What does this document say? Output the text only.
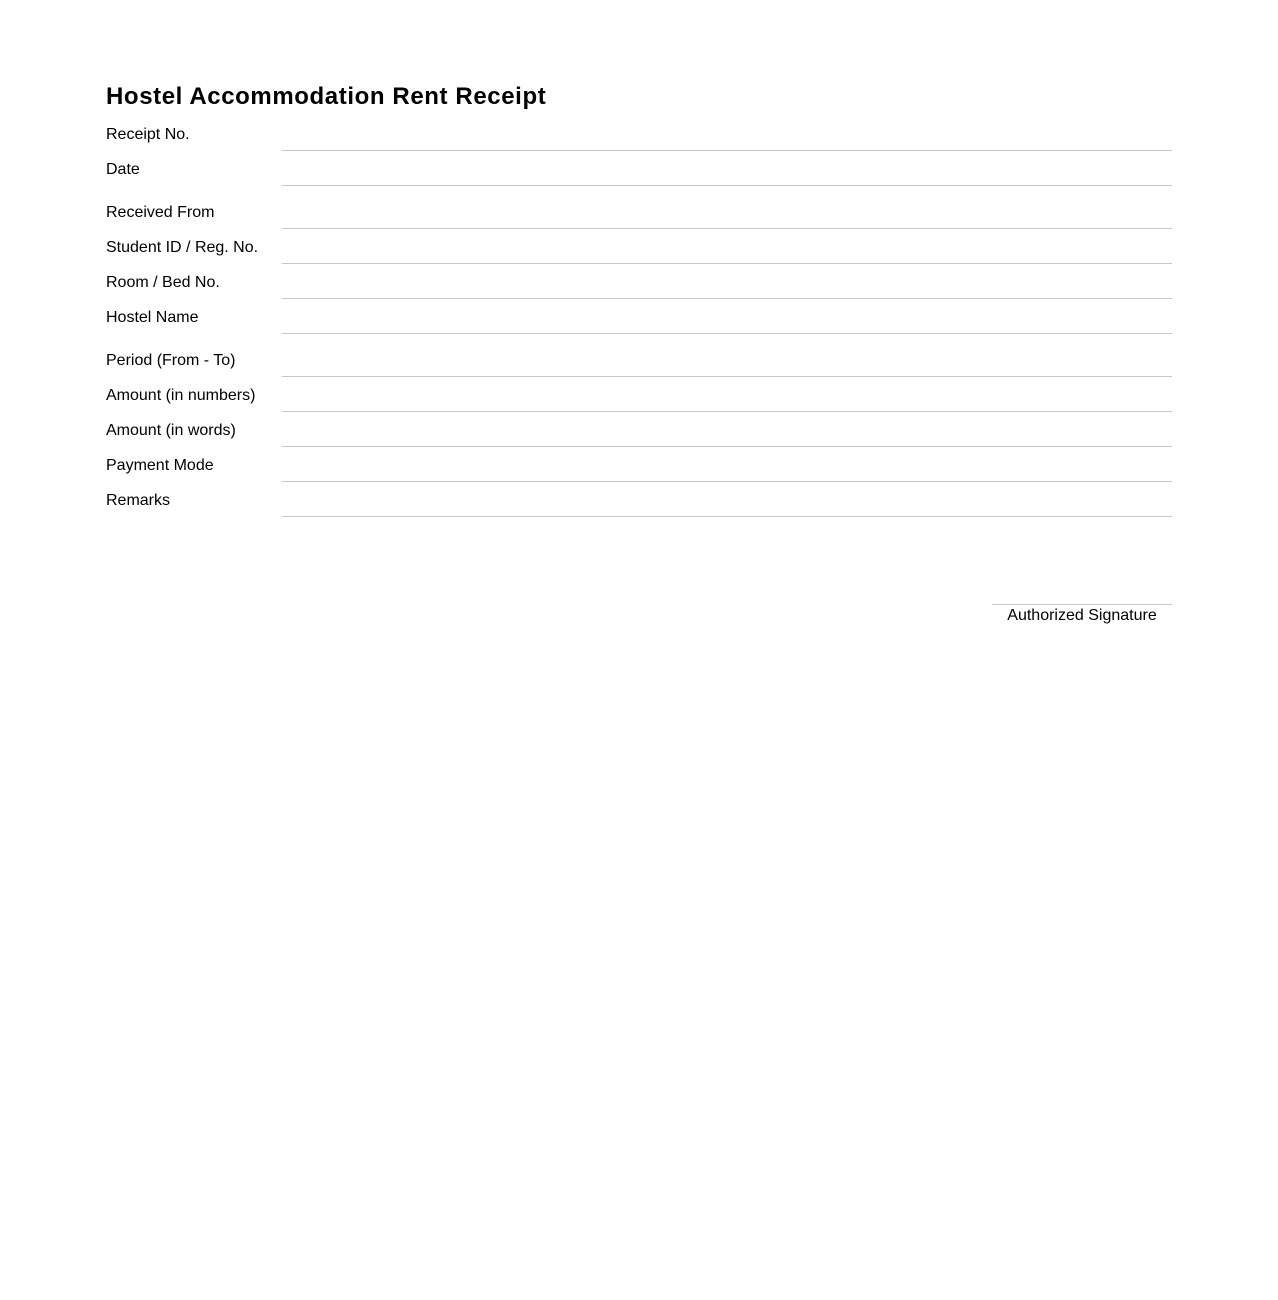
Hostel Accommodation Rent Receipt
Receipt No.
Date
Received From
Student ID / Reg. No.
Room / Bed No.
Hostel Name
Period (From - To)
Amount (in numbers)
Amount (in words)
Payment Mode
Remarks
Authorized Signature
